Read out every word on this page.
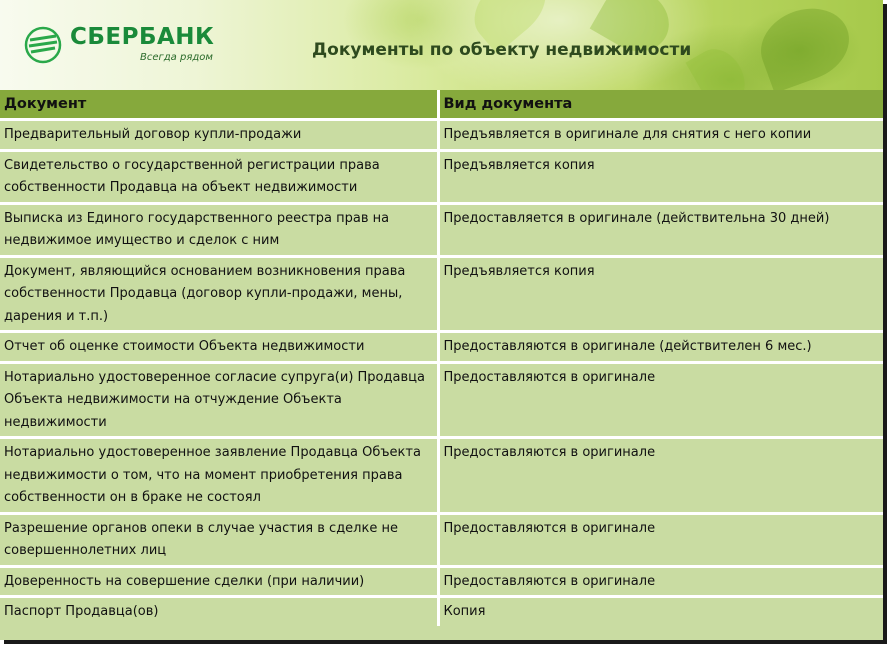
СБЕРБАНК
Всегда рядом	Документы по объекту недвижимости
Документ	Вид документа
Предварительный договор купли-продажи	Предъявляется в оригинале для снятия с него копии
Свидетельство о государственной регистрации права собственности Продавца на объект недвижимости	Предъявляется копия
Выписка из Единого государственного реестра прав на недвижимое имущество и сделок с ним	Предоставляется в оригинале (действительна 30 дней)
Документ, являющийся основанием возникновения права собственности Продавца (договор купли-продажи, мены, дарения и т.п.)	Предъявляется копия
Отчет об оценке стоимости Объекта недвижимости	Предоставляются в оригинале (действителен 6 мес.)
Нотариально удостоверенное согласие супруга(и) Продавца Объекта недвижимости на отчуждение Объекта недвижимости	Предоставляются в оригинале
Нотариально удостоверенное заявление Продавца Объекта недвижимости о том, что на момент приобретения права собственности он в браке не состоял	Предоставляются в оригинале
Разрешение органов опеки в случае участия в сделке не совершеннолетних лиц	Предоставляются в оригинале
Доверенность на совершение сделки (при наличии)	Предоставляются в оригинале
Паспорт Продавца(ов)	Копия
